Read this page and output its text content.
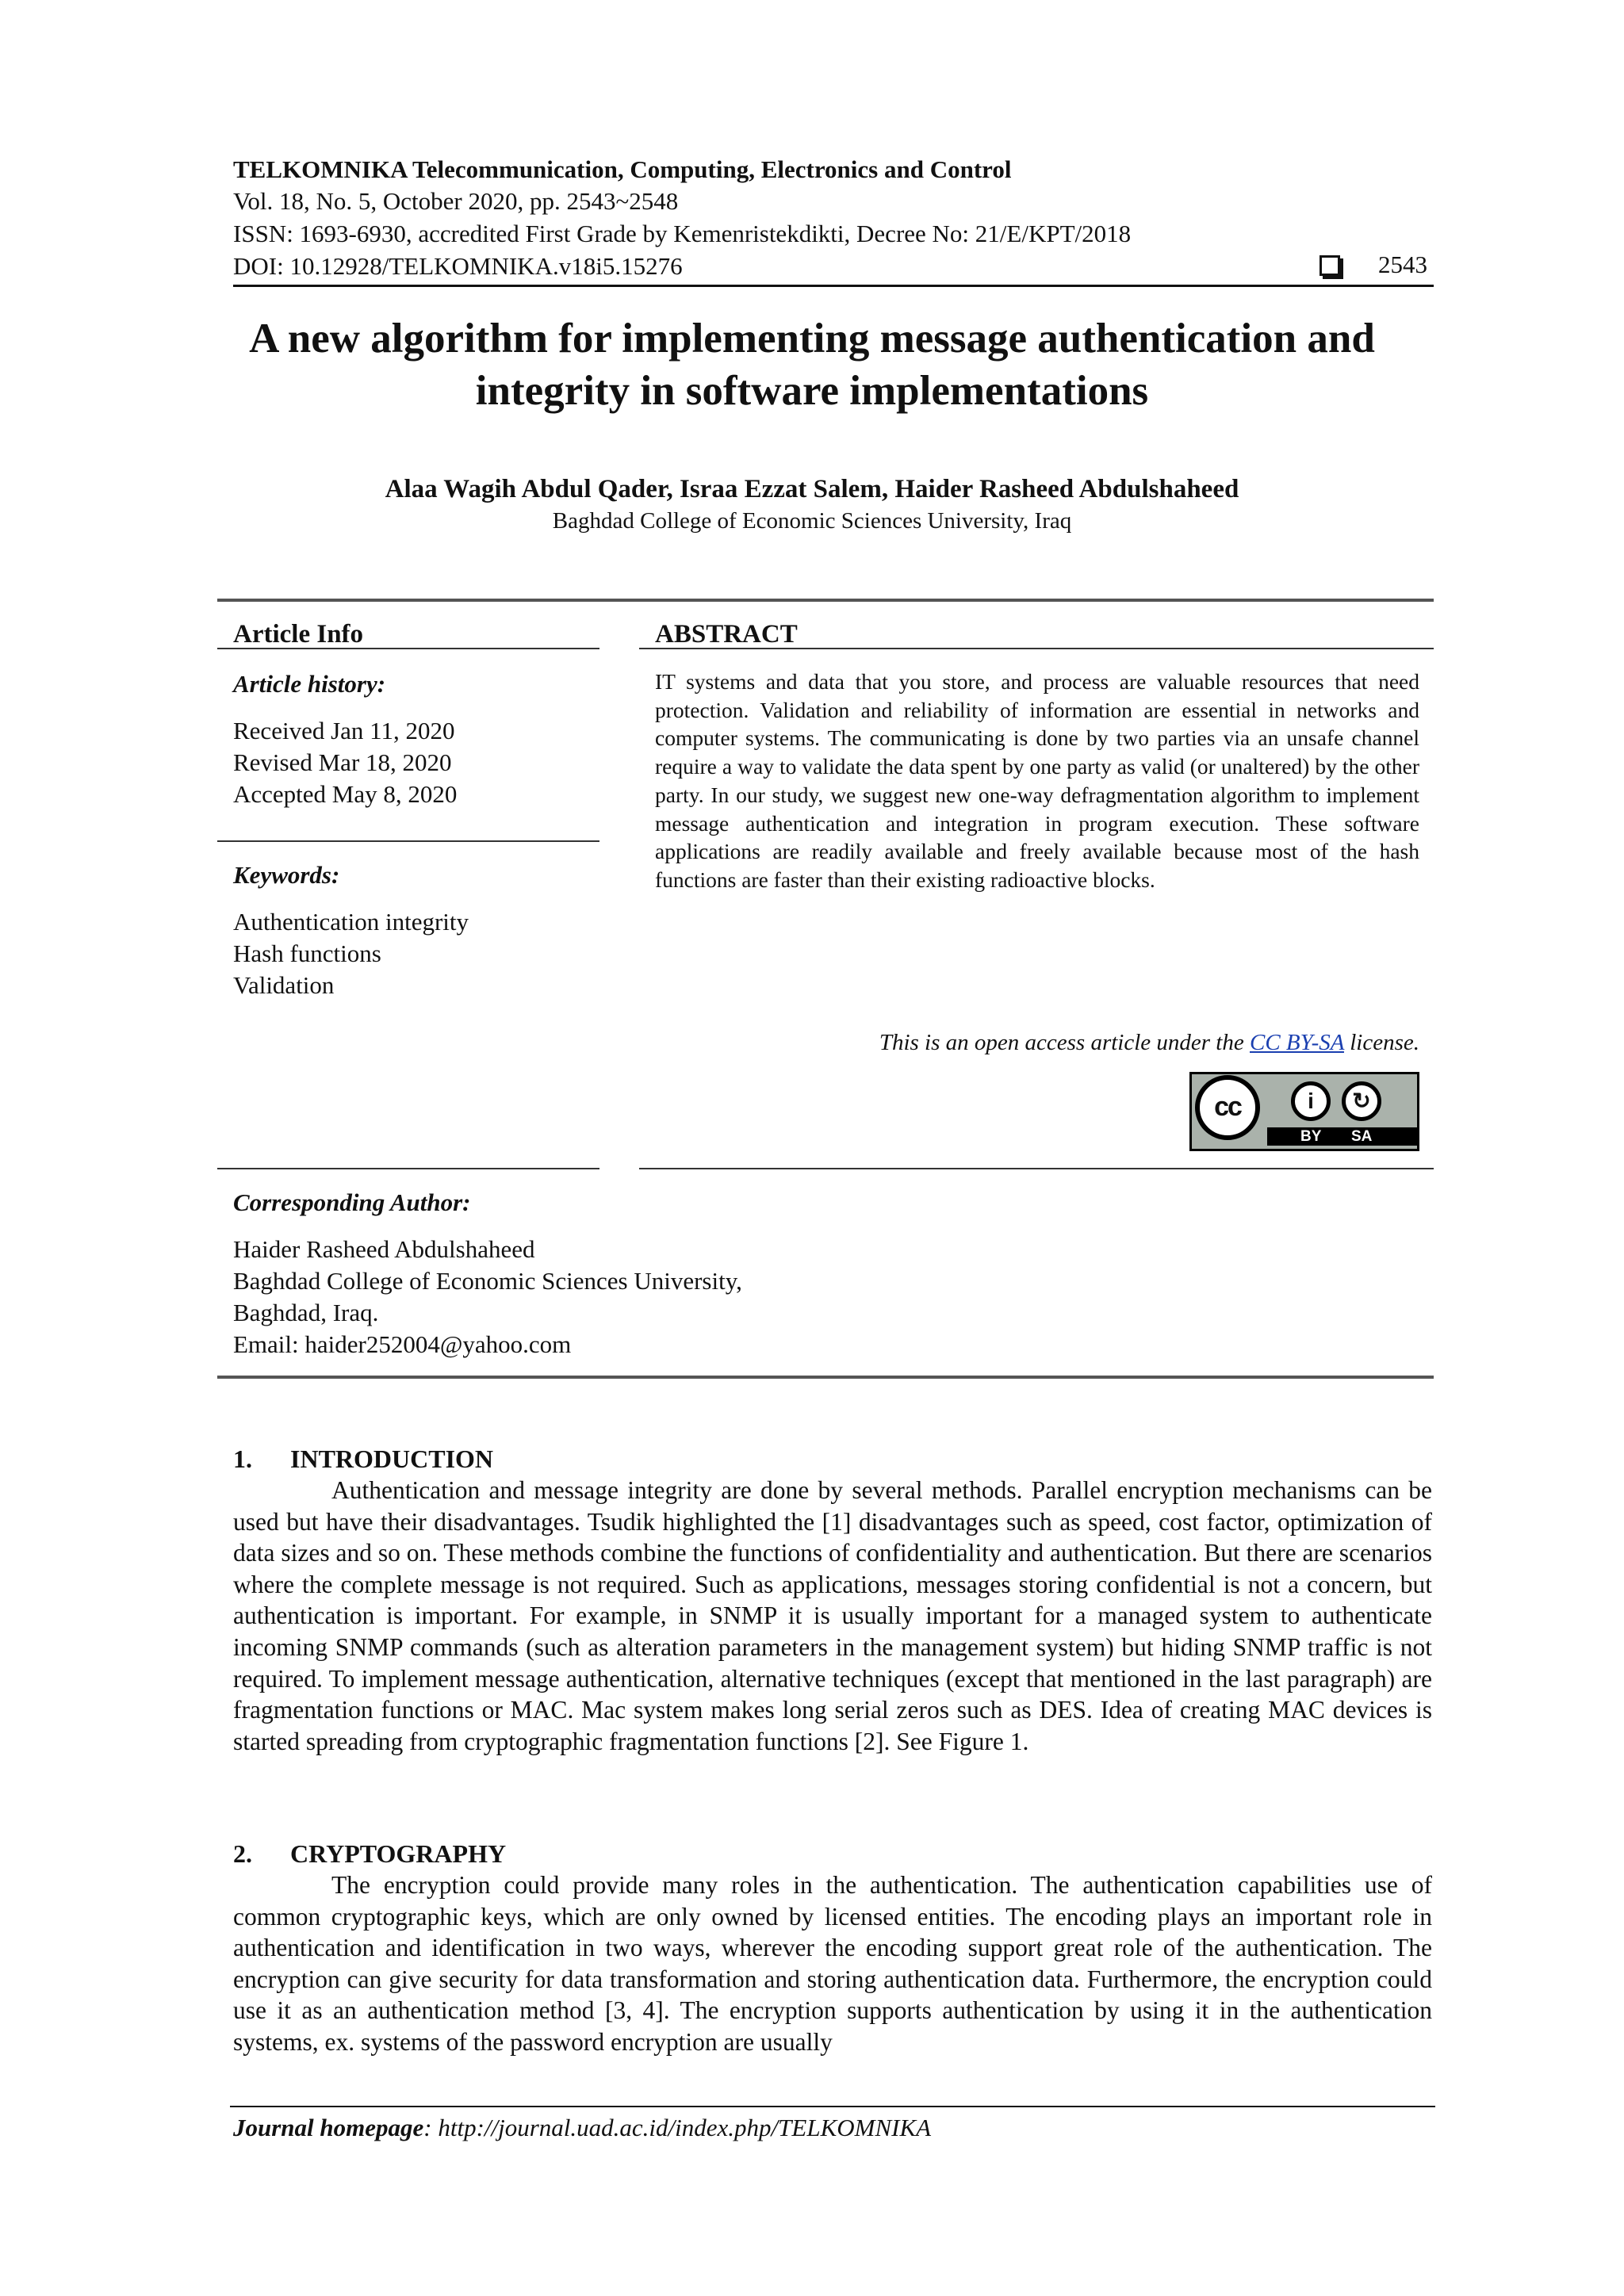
TELKOMNIKA Telecommunication, Computing, Electronics and Control
Vol. 18, No. 5, October 2020, pp. 2543~2548
ISSN: 1693-6930, accredited First Grade by Kemenristekdikti, Decree No: 21/E/KPT/2018
DOI: 10.12928/TELKOMNIKA.v18i5.15276	2543
A new algorithm for implementing message authentication and
integrity in software implementations
Alaa Wagih Abdul Qader, Israa Ezzat Salem, Haider Rasheed Abdulshaheed
Baghdad College of Economic Sciences University, Iraq
Article Info
Article history:
Received Jan 11, 2020
Revised Mar 18, 2020
Accepted May 8, 2020
Keywords:
Authentication integrity
Hash functions
Validation
ABSTRACT
IT systems and data that you store, and process are valuable resources that need protection. Validation and reliability of information are essential in networks and computer systems. The communicating is done by two parties via an unsafe channel require a way to validate the data spent by one party as valid (or unaltered) by the other party. In our study, we suggest new one-way defragmentation algorithm to implement message authentication and integration in program execution. These software applications are readily available and freely available because most of the hash functions are faster than their existing radioactive blocks.
This is an open access article under the CC BY-SA license.
cc	i	↻
BY SA
Corresponding Author:
Haider Rasheed Abdulshaheed
Baghdad College of Economic Sciences University,
Baghdad, Iraq.
Email: haider252004@yahoo.com
1. INTRODUCTION

Authentication and message integrity are done by several methods. Parallel encryption mechanisms can be used but have their disadvantages. Tsudik highlighted the [1] disadvantages such as speed, cost factor, optimization of data sizes and so on. These methods combine the functions of confidentiality and authentication. But there are scenarios where the complete message is not required. Such as applications, messages storing confidential is not a concern, but authentication is important. For example, in SNMP it is usually important for a managed system to authenticate incoming SNMP commands (such as alteration parameters in the management system) but hiding SNMP traffic is not required. To implement message authentication, alternative techniques (except that mentioned in the last paragraph) are fragmentation functions or MAC. Mac system makes long serial zeros such as DES. Idea of creating MAC devices is started spreading from cryptographic fragmentation functions [2]. See Figure 1.

2. CRYPTOGRAPHY

The encryption could provide many roles in the authentication. The authentication capabilities use of common cryptographic keys, which are only owned by licensed entities. The encoding plays an important role in authentication and identification in two ways, wherever the encoding support great role of the authentication. The encryption can give security for data transformation and storing authentication data. Furthermore, the encryption could use it as an authentication method [3, 4]. The encryption supports authentication by using it in the authentication systems, ex. systems of the password encryption are usually

Journal homepage: http://journal.uad.ac.id/index.php/TELKOMNIKA
